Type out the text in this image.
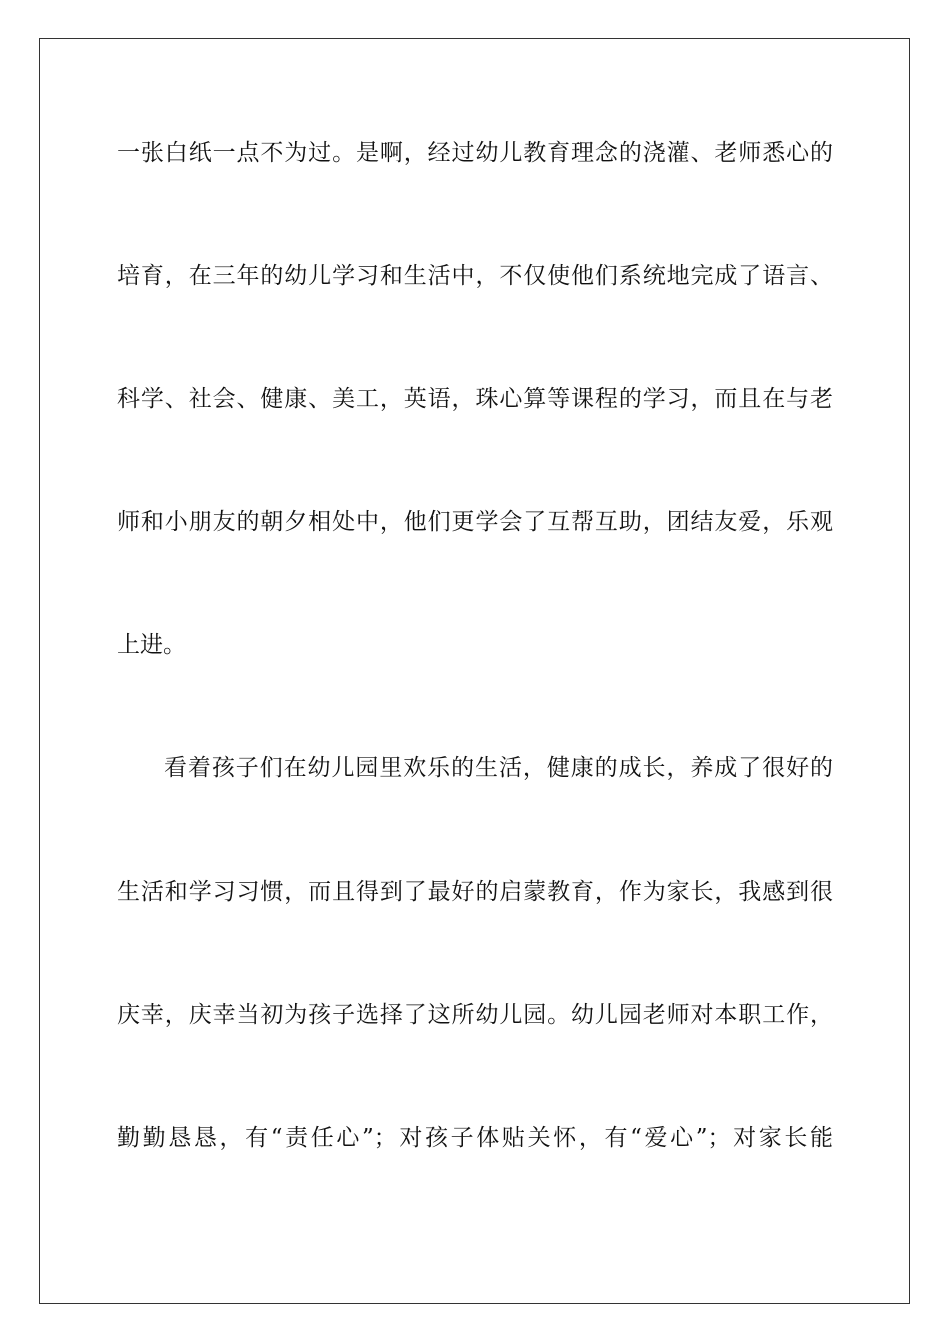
一张白纸一点不为过。是啊，经过幼儿教育理念的浇灌、老师悉心的
培育，在三年的幼儿学习和生活中，不仅使他们系统地完成了语言、
科学、社会、健康、美工，英语，珠心算等课程的学习，而且在与老
师和小朋友的朝夕相处中，他们更学会了互帮互助，团结友爱，乐观
上进。
看着孩子们在幼儿园里欢乐的生活，健康的成长，养成了很好的
生活和学习习惯，而且得到了最好的启蒙教育，作为家长，我感到很
庆幸，庆幸当初为孩子选择了这所幼儿园。幼儿园老师对本职工作，
勤勤恳恳，有“责任心”；对孩子体贴关怀，有“爱心”；对家长能
